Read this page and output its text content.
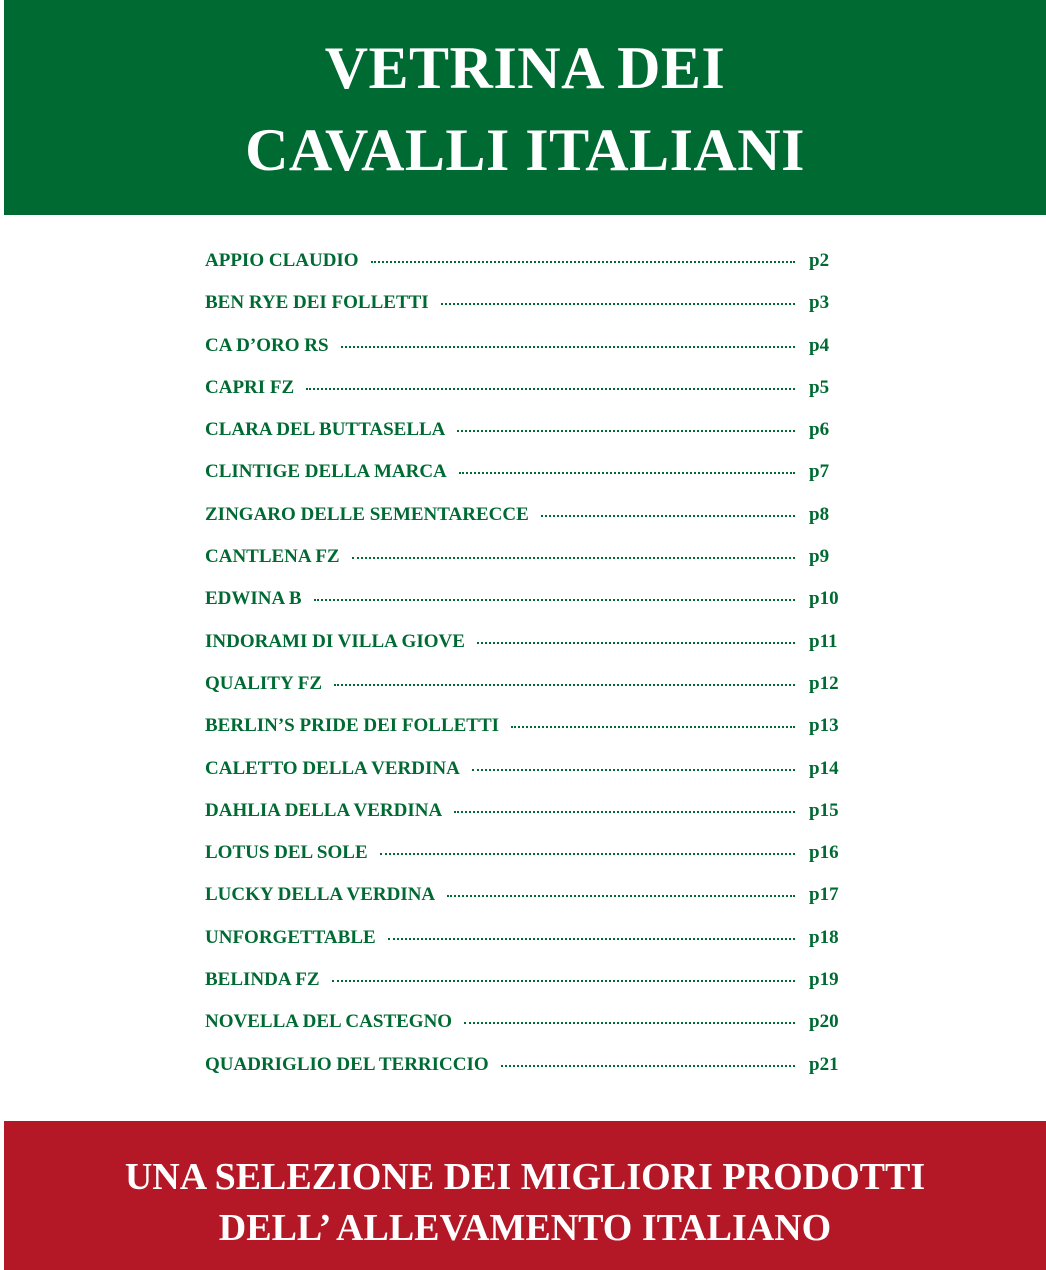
VETRINA DEI
CAVALLI ITALIANI
APPIO CLAUDIO	p2
BEN RYE DEI FOLLETTI	p3
CA D’ORO RS	p4
CAPRI FZ	p5
CLARA DEL BUTTASELLA	p6
CLINTIGE DELLA MARCA	p7
ZINGARO DELLE SEMENTARECCE	p8
CANTLENA FZ	p9
EDWINA B	p10
INDORAMI DI VILLA GIOVE	p11
QUALITY FZ	p12
BERLIN’S PRIDE DEI FOLLETTI	p13
CALETTO DELLA VERDINA	p14
DAHLIA DELLA VERDINA	p15
LOTUS DEL SOLE	p16
LUCKY DELLA VERDINA	p17
UNFORGETTABLE	p18
BELINDA FZ	p19
NOVELLA DEL CASTEGNO	p20
QUADRIGLIO DEL TERRICCIO	p21
UNA SELEZIONE DEI MIGLIORI PRODOTTI
DELL’ ALLEVAMENTO ITALIANO
